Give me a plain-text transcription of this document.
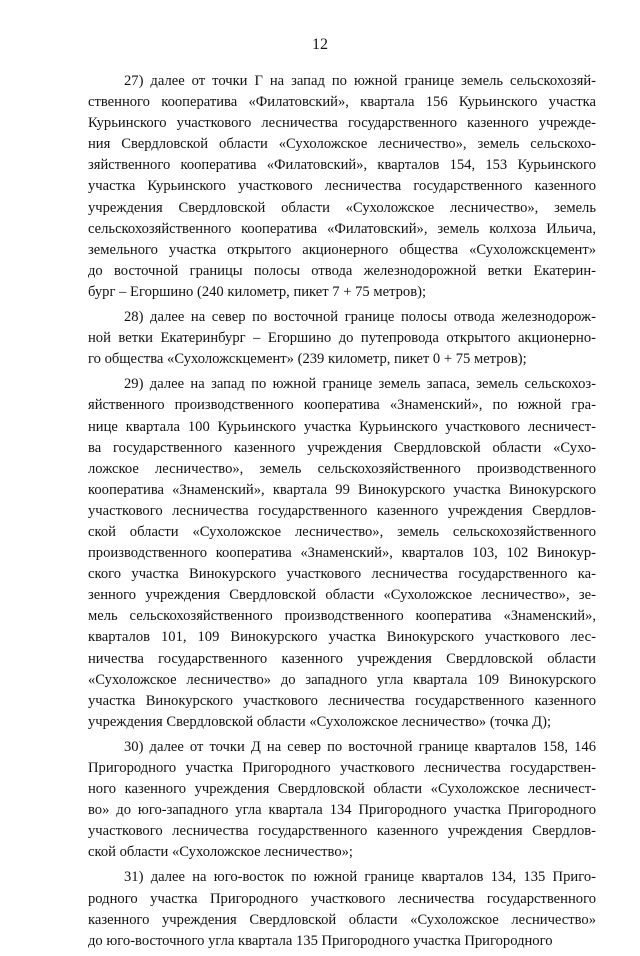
12
27) далее от точки Г на запад по южной границе земель сельскохозяй-
ственного кооператива «Филатовский», квартала 156 Курьинского участка
Курьинского участкового лесничества государственного казенного учрежде-
ния Свердловской области «Сухоложское лесничество», земель сельскохо-
зяйственного кооператива «Филатовский», кварталов 154, 153 Курьинского
участка Курьинского участкового лесничества государственного казенного
учреждения Свердловской области «Сухоложское лесничество», земель
сельскохозяйственного кооператива «Филатовский», земель колхоза Ильича,
земельного участка открытого акционерного общества «Сухоложскцемент»
до восточной границы полосы отвода железнодорожной ветки Екатерин-
бург – Егоршино (240 километр, пикет 7 + 75 метров);
28) далее на север по восточной границе полосы отвода железнодорож-
ной ветки Екатеринбург – Егоршино до путепровода открытого акционерно-
го общества «Сухоложскцемент» (239 километр, пикет 0 + 75 метров);
29) далее на запад по южной границе земель запаса, земель сельскохоз-
яйственного производственного кооператива «Знаменский», по южной гра-
нице квартала 100 Курьинского участка Курьинского участкового лесничест-
ва государственного казенного учреждения Свердловской области «Сухо-
ложское лесничество», земель сельскохозяйственного производственного
кооператива «Знаменский», квартала 99 Винокурского участка Винокурского
участкового лесничества государственного казенного учреждения Свердлов-
ской области «Сухоложское лесничество», земель сельскохозяйственного
производственного кооператива «Знаменский», кварталов 103, 102 Винокур-
ского участка Винокурского участкового лесничества государственного ка-
зенного учреждения Свердловской области «Сухоложское лесничество», зе-
мель сельскохозяйственного производственного кооператива «Знаменский»,
кварталов 101, 109 Винокурского участка Винокурского участкового лес-
ничества государственного казенного учреждения Свердловской области
«Сухоложское лесничество» до западного угла квартала 109 Винокурского
участка Винокурского участкового лесничества государственного казенного
учреждения Свердловской области «Сухоложское лесничество» (точка Д);
30) далее от точки Д на север по восточной границе кварталов 158, 146
Пригородного участка Пригородного участкового лесничества государствен-
ного казенного учреждения Свердловской области «Сухоложское лесничест-
во» до юго-западного угла квартала 134 Пригородного участка Пригородного
участкового лесничества государственного казенного учреждения Свердлов-
ской области «Сухоложское лесничество»;
31) далее на юго-восток по южной границе кварталов 134, 135 Приго-
родного участка Пригородного участкового лесничества государственного
казенного учреждения Свердловской области «Сухоложское лесничество»
до юго-восточного угла квартала 135 Пригородного участка Пригородного
